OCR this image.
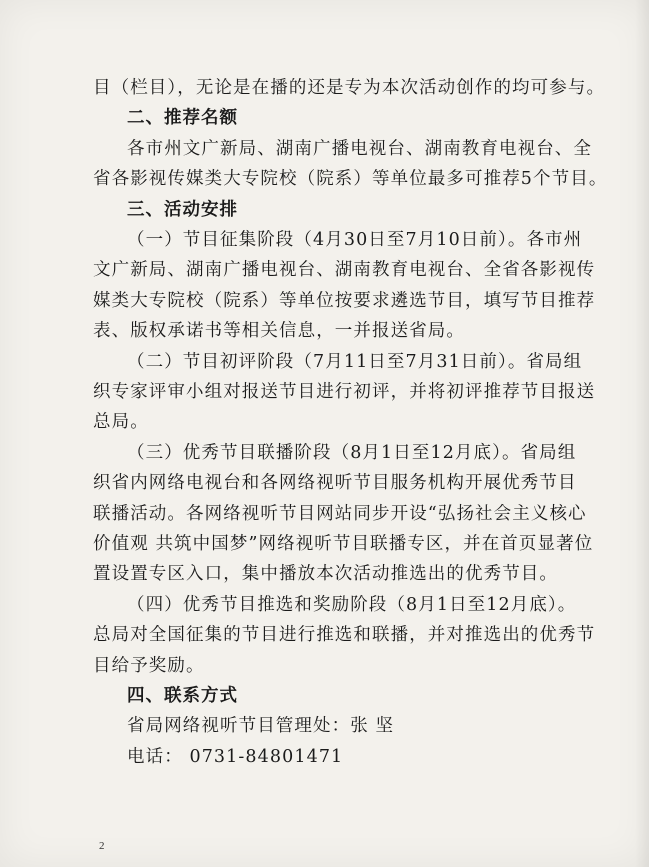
目（栏目），无论是在播的还是专为本次活动创作的均可参与。
二、推荐名额
各市州文广新局、湖南广播电视台、湖南教育电视台、全
省各影视传媒类大专院校（院系）等单位最多可推荐5个节目。
三、活动安排
（一）节目征集阶段（4月30日至7月10日前）。各市州
文广新局、湖南广播电视台、湖南教育电视台、全省各影视传
媒类大专院校（院系）等单位按要求遴选节目，填写节目推荐
表、版权承诺书等相关信息，一并报送省局。
（二）节目初评阶段（7月11日至7月31日前）。省局组
织专家评审小组对报送节目进行初评，并将初评推荐节目报送
总局。
（三）优秀节目联播阶段（8月1日至12月底）。省局组
织省内网络电视台和各网络视听节目服务机构开展优秀节目
联播活动。各网络视听节目网站同步开设“弘扬社会主义核心
价值观 共筑中国梦”网络视听节目联播专区，并在首页显著位
置设置专区入口，集中播放本次活动推选出的优秀节目。
（四）优秀节目推选和奖励阶段（8月1日至12月底）。
总局对全国征集的节目进行推选和联播，并对推选出的优秀节
目给予奖励。
四、联系方式
省局网络视听节目管理处：张 坚
电话： 0731-84801471
2
